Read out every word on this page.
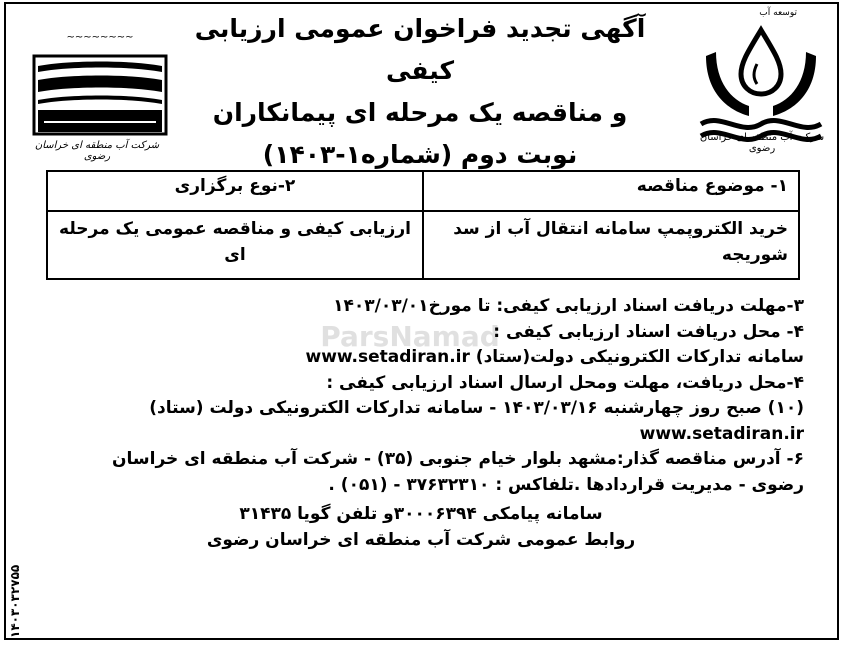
توسعه آب
شرکت آب منطقه ای خراسان رضوی
~~~~~~~~
شرکت آب منطقه ای خراسان رضوی
آگهی تجدید فراخوان عمومی ارزیابی کیفی
و مناقصه یک مرحله ای پیمانکاران
نوبت دوم (شماره۱-۱۴۰۳)
ParsNamad
۱- موضوع مناقصه	۲-نوع برگزاری
خرید الکتروپمپ سامانه انتقال آب از سد شوریجه	ارزیابی کیفی و مناقصه عمومی یک مرحله ای

۳-مهلت دریافت اسناد ارزیابی کیفی: تا مورخ۱۴۰۳/۰۳/۰۱

۴- محل دریافت اسناد ارزیابی کیفی :

سامانه تدارکات الکترونیکی دولت(ستاد) www.setadiran.ir

۴-محل دریافت، مهلت ومحل ارسال اسناد ارزیابی کیفی :

(۱۰) صبح روز چهارشنبه ۱۴۰۳/۰۳/۱۶ - سامانه تدارکات الکترونیکی دولت (ستاد)

www.setadiran.ir

۶- آدرس مناقصه گذار:مشهد بلوار خیام جنوبی (۳۵) - شرکت آب منطقه ای خراسان

رضوی - مدیریت قراردادها .تلفاکس : ۳۷۶۳۲۳۱۰ - (۰۵۱) .

سامانه پیامکی ۳۰۰۰۶۳۹۴و تلفن گویا ۳۱۴۳۵

روابط عمومی شرکت آب منطقه ای خراسان رضوی

۱۴۰۳۰۳۲۷۵۵
